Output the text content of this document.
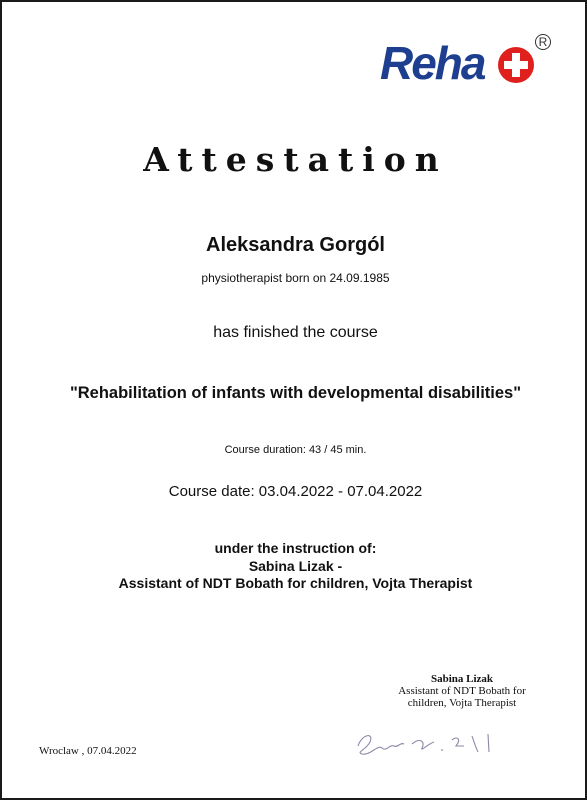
Reha	R
Attestation
Aleksandra Gorgól
physiotherapist born on 24.09.1985
has finished the course
"Rehabilitation of infants with developmental disabilities"
Course duration: 43 / 45 min.
Course date: 03.04.2022 - 07.04.2022
under the instruction of:
Sabina Lizak -
Assistant of NDT Bobath for children, Vojta Therapist
Sabina Lizak
Assistant of NDT Bobath for
children, Vojta Therapist
Wroclaw , 07.04.2022
